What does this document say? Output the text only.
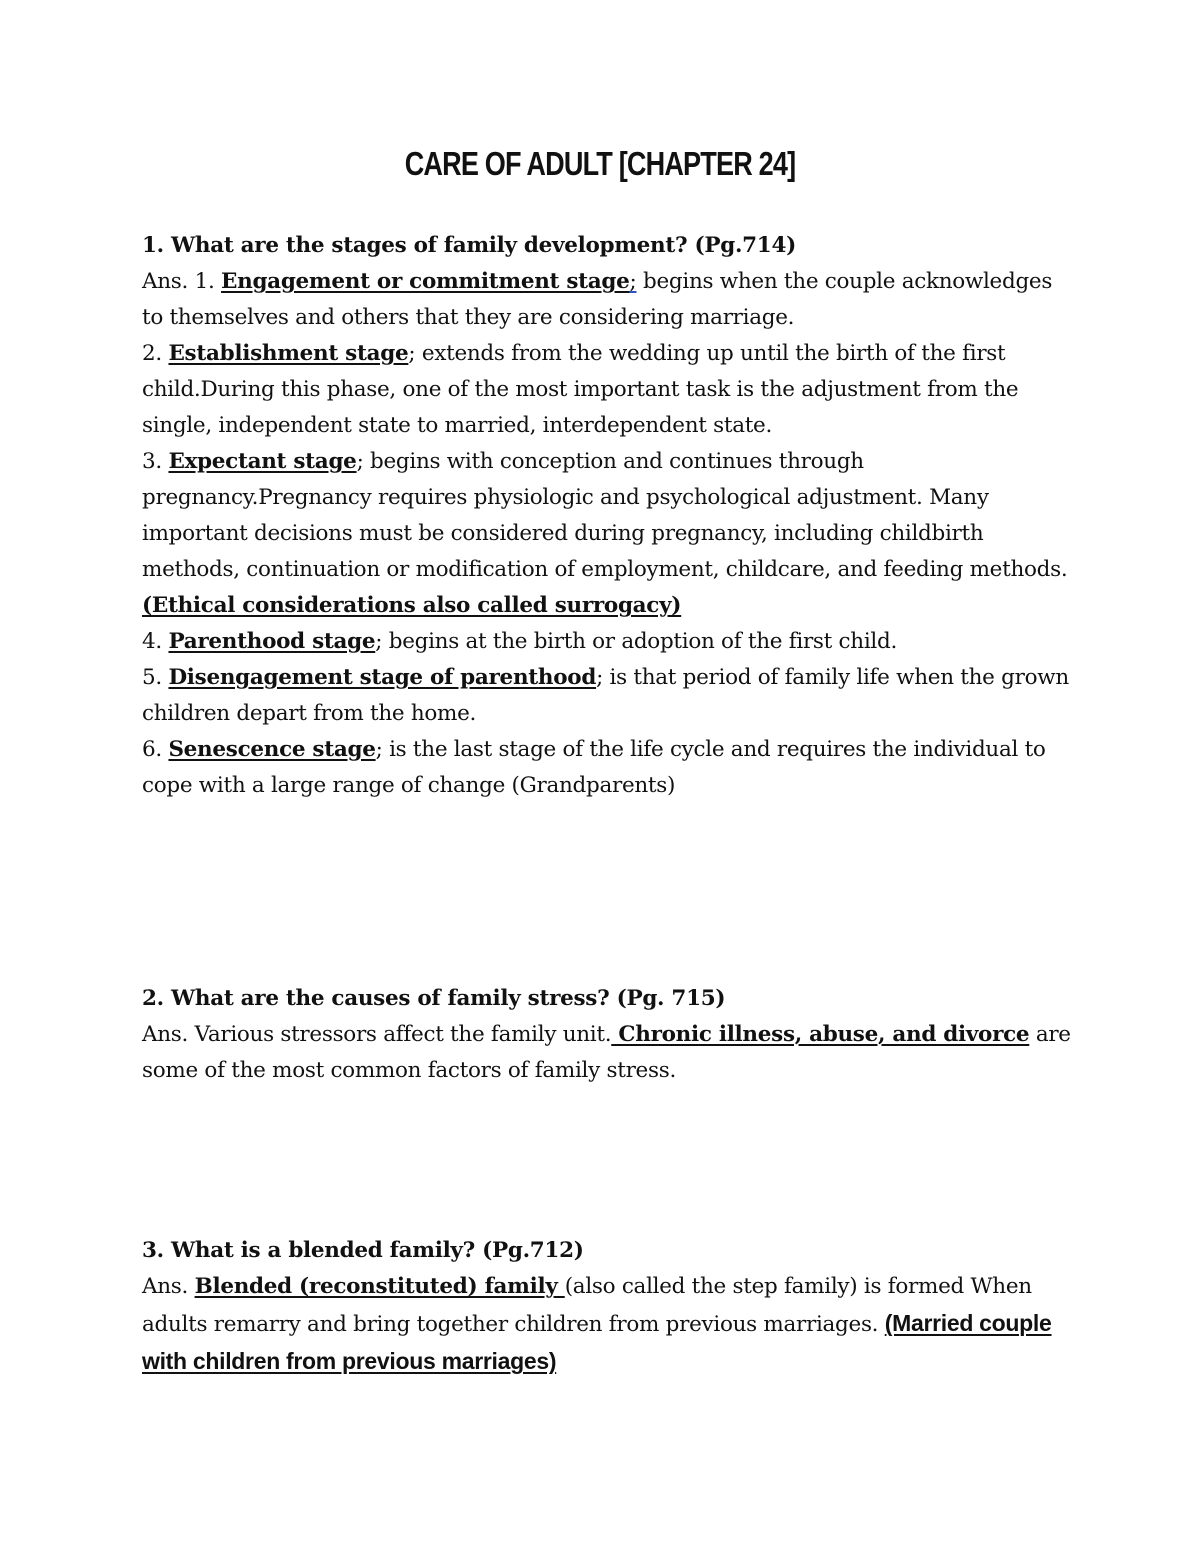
CARE OF ADULT [CHAPTER 24]
1. What are the stages of family development? (Pg.714)
Ans. 1. Engagement or commitment stage; begins when the couple acknowledges to themselves and others that they are considering marriage.
2. Establishment stage; extends from the wedding up until the birth of the first child.During this phase, one of the most important task is the adjustment from the single, independent state to married, interdependent state.
3. Expectant stage; begins with conception and continues through pregnancy.Pregnancy requires physiologic and psychological adjustment. Many important decisions must be considered during pregnancy, including childbirth methods, continuation or modification of employment, childcare, and feeding methods. (Ethical considerations also called surrogacy)
4. Parenthood stage; begins at the birth or adoption of the first child.
5. Disengagement stage of parenthood; is that period of family life when the grown children depart from the home.
6. Senescence stage; is the last stage of the life cycle and requires the individual to cope with a large range of change (Grandparents)
2. What are the causes of family stress? (Pg. 715)
Ans. Various stressors affect the family unit. Chronic illness, abuse, and divorce are some of the most common factors of family stress.
3. What is a blended family? (Pg.712)
Ans. Blended (reconstituted) family (also called the step family) is formed When adults remarry and bring together children from previous marriages. (Married couple with children from previous marriages)
